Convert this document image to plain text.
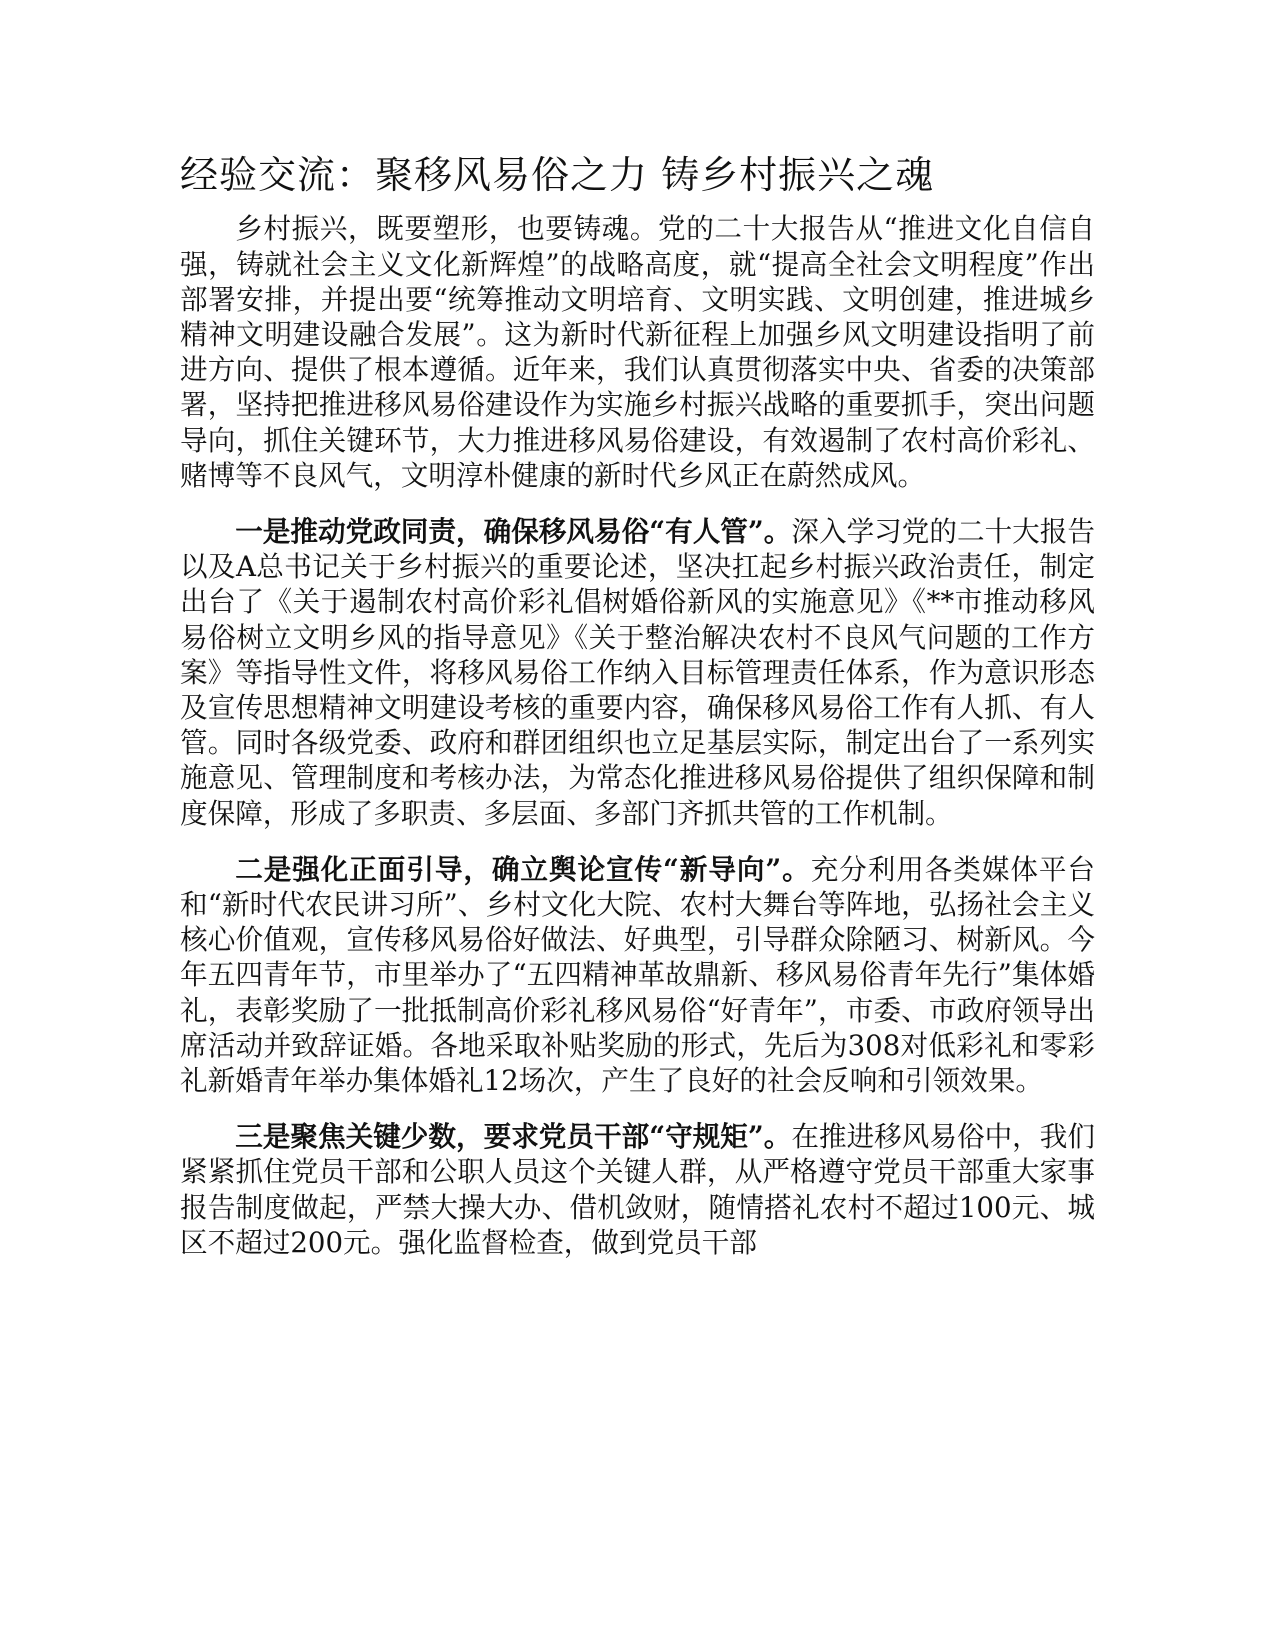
经验交流：聚移风易俗之力 铸乡村振兴之魂

乡村振兴，既要塑形，也要铸魂。党的二十大报告从“推进文化自信自强，铸就社会主义文化新辉煌”的战略高度，就“提高全社会文明程度”作出部署安排，并提出要“统筹推动文明培育、文明实践、文明创建，推进城乡精神文明建设融合发展”。这为新时代新征程上加强乡风文明建设指明了前进方向、提供了根本遵循。近年来，我们认真贯彻落实中央、省委的决策部署，坚持把推进移风易俗建设作为实施乡村振兴战略的重要抓手，突出问题导向，抓住关键环节，大力推进移风易俗建设，有效遏制了农村高价彩礼、赌博等不良风气，文明淳朴健康的新时代乡风正在蔚然成风。

一是推动党政同责，确保移风易俗“有人管”。深入学习党的二十大报告以及A总书记关于乡村振兴的重要论述，坚决扛起乡村振兴政治责任，制定出台了《关于遏制农村高价彩礼倡树婚俗新风的实施意见》《**市推动移风易俗树立文明乡风的指导意见》《关于整治解决农村不良风气问题的工作方案》等指导性文件，将移风易俗工作纳入目标管理责任体系，作为意识形态及宣传思想精神文明建设考核的重要内容，确保移风易俗工作有人抓、有人管。同时各级党委、政府和群团组织也立足基层实际，制定出台了一系列实施意见、管理制度和考核办法，为常态化推进移风易俗提供了组织保障和制度保障，形成了多职责、多层面、多部门齐抓共管的工作机制。

二是强化正面引导，确立舆论宣传“新导向”。充分利用各类媒体平台和“新时代农民讲习所”、乡村文化大院、农村大舞台等阵地，弘扬社会主义核心价值观，宣传移风易俗好做法、好典型，引导群众除陋习、树新风。今年五四青年节，市里举办了“五四精神革故鼎新、移风易俗青年先行”集体婚礼，表彰奖励了一批抵制高价彩礼移风易俗“好青年”，市委、市政府领导出席活动并致辞证婚。各地采取补贴奖励的形式，先后为308对低彩礼和零彩礼新婚青年举办集体婚礼12场次，产生了良好的社会反响和引领效果。

三是聚焦关键少数，要求党员干部“守规矩”。在推进移风易俗中，我们紧紧抓住党员干部和公职人员这个关键人群，从严格遵守党员干部重大家事报告制度做起，严禁大操大办、借机敛财，随情搭礼农村不超过100元、城区不超过200元。强化监督检查，做到党员干部
